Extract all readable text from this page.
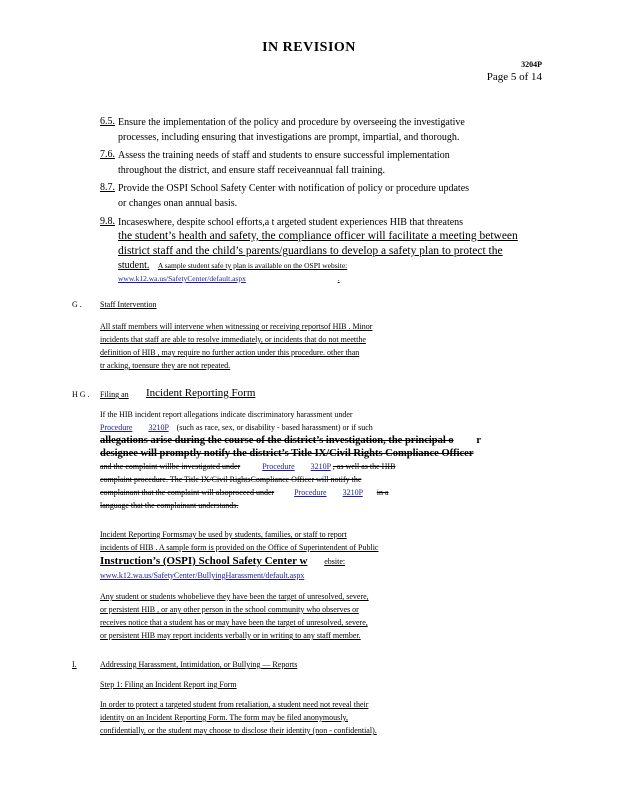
IN REVISION
3204P
Page 5 of 14
6.5. Ensure the implementation of the policy and procedure by overseeing the investigative
processes, including ensuring that investigations are prompt, impartial, and thorough.
7.6. Assess the training needs of staff and students to ensure successful implementation
throughout the district, and ensure staff receiveannual fall training.
8.7. Provide the OSPI School Safety Center with notification of policy or procedure updates
or changes onan annual basis.
9.8. Incaseswhere, despite school efforts,a t argeted student experiences HIB that threatens
the student’s health and safety, the compliance officer will facilitate a meeting between
district staff and the child’s parents/guardians to develop a safety plan to protect the
student. A sample student safe ty plan is available on the OSPI website:
www.k12.wa.us/SafetyCenter/default.aspx	.
G . Staff Intervention
All staff members will intervene when witnessing or receiving reportsof HIB . Minor
incidents that staff are able to resolve immediately, or incidents that do not meetthe
definition of HIB , may require no further action under this procedure. other than
tr acking, toensure they are not repeated.
H G . Filing an Incident Reporting Form
If the HIB incident report allegations indicate discriminatory harassment under
Procedure 3210P (such as race, sex, or disability - based harassment) or if such
allegations arise during the course of the district’s investigation, the principal o r
designee will promptly notify the district’s Title IX/Civil Rights Compliance Officer
and the complaint willbe investigated under	Procedure 3210P , as well as the HIB
complaint procedure. The Title IX/Civil RightsCompliance Officer will notify the
complainant that the complaint will alsoproceed under	Procedure 3210P in a
language that the complainant understands.
Incident Reporting Formsmay be used by students, families, or staff to report
incidents of HIB . A sample form is provided on the Office of Superintendent of Public
Instruction’s (OSPI) School Safety Center w ebsite:
www.k12.wa.us/SafetyCenter/BullyingHarassment/default.aspx
Any student or students whobelieve they have been the target of unresolved, severe,
or persistent HIB , or any other person in the school community who observes or
receives notice that a student has or may have been the target of unresolved, severe,
or persistent HIB may report incidents verbally or in writing to any staff member.
I.	Addressing Harassment, Intimidation, or Bullying — Reports
Step 1: Filing an Incident Report ing Form
In order to protect a targeted student from retaliation, a student need not reveal their
identity on an Incident Reporting Form. The form may be filed anonymously,
confidentially, or the student may choose to disclose their identity (non - confidential).
